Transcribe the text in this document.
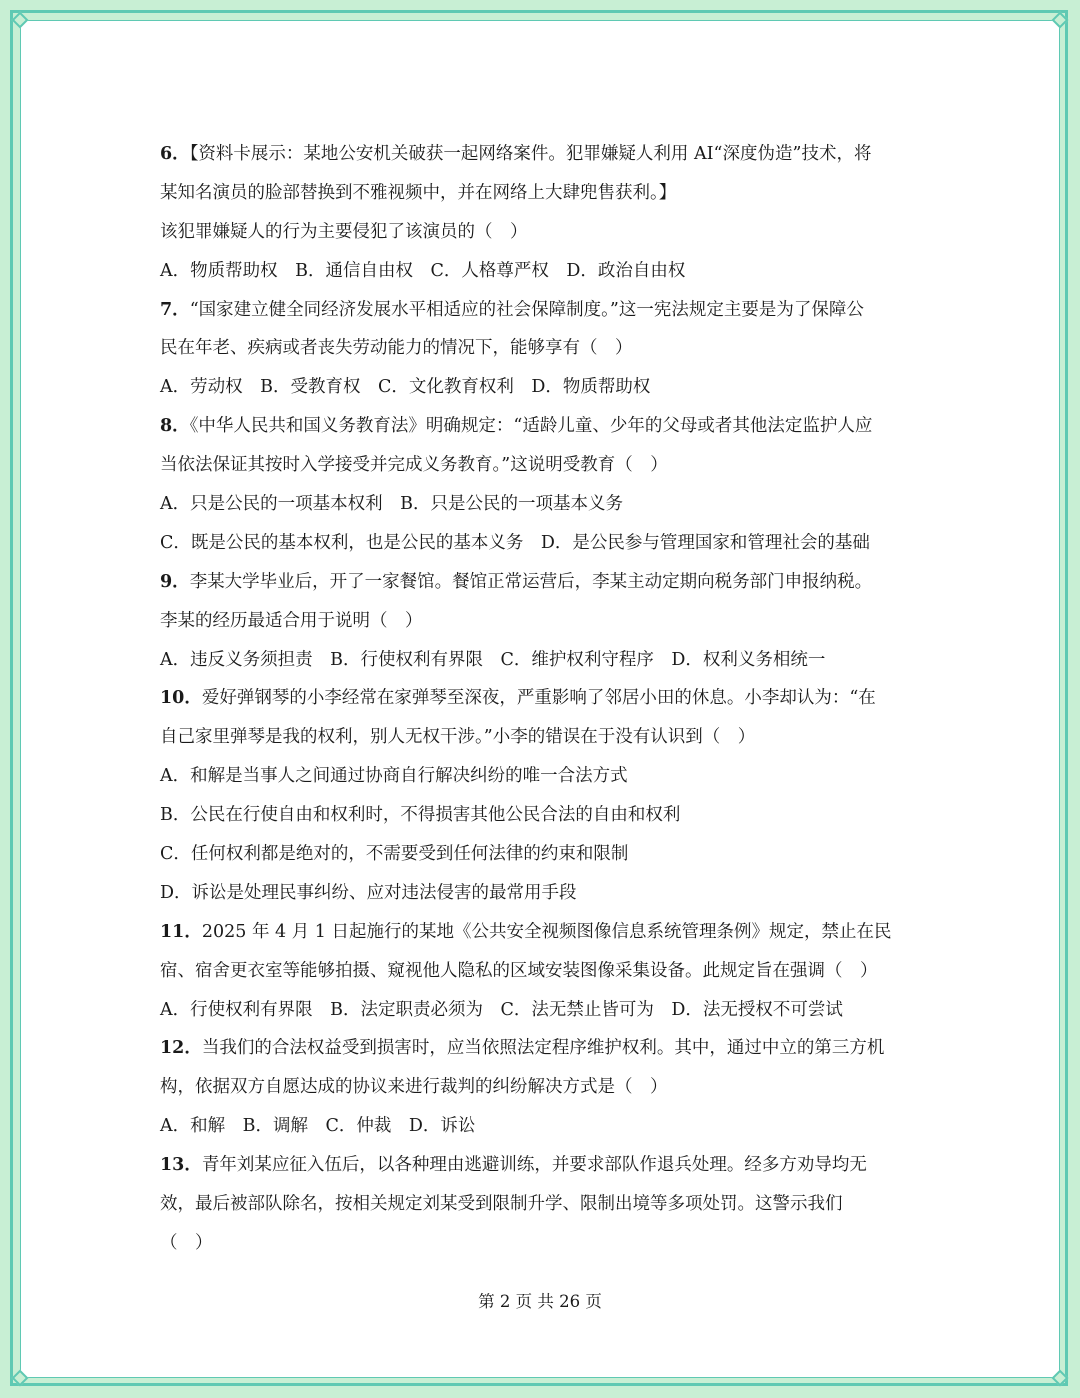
6．【资料卡展示：某地公安机关破获一起网络案件。犯罪嫌疑人利用 AI“深度伪造”技术，将
某知名演员的脸部替换到不雅视频中，并在网络上大肆兜售获利。】
该犯罪嫌疑人的行为主要侵犯了该演员的（　）
A．物质帮助权　B．通信自由权　C．人格尊严权　D．政治自由权
7．“国家建立健全同经济发展水平相适应的社会保障制度。”这一宪法规定主要是为了保障公
民在年老、疾病或者丧失劳动能力的情况下，能够享有（　）
A．劳动权　B．受教育权　C．文化教育权利　D．物质帮助权
8．《中华人民共和国义务教育法》明确规定：“适龄儿童、少年的父母或者其他法定监护人应
当依法保证其按时入学接受并完成义务教育。”这说明受教育（　）
A．只是公民的一项基本权利　B．只是公民的一项基本义务
C．既是公民的基本权利，也是公民的基本义务　D．是公民参与管理国家和管理社会的基础
9．李某大学毕业后，开了一家餐馆。餐馆正常运营后，李某主动定期向税务部门申报纳税。
李某的经历最适合用于说明（　）
A．违反义务须担责　B．行使权利有界限　C．维护权利守程序　D．权利义务相统一
10．爱好弹钢琴的小李经常在家弹琴至深夜，严重影响了邻居小田的休息。小李却认为：“在
自己家里弹琴是我的权利，别人无权干涉。”小李的错误在于没有认识到（　）
A．和解是当事人之间通过协商自行解决纠纷的唯一合法方式
B．公民在行使自由和权利时，不得损害其他公民合法的自由和权利
C．任何权利都是绝对的，不需要受到任何法律的约束和限制
D．诉讼是处理民事纠纷、应对违法侵害的最常用手段
11．2025 年 4 月 1 日起施行的某地《公共安全视频图像信息系统管理条例》规定，禁止在民
宿、宿舍更衣室等能够拍摄、窥视他人隐私的区域安装图像采集设备。此规定旨在强调（　）
A．行使权利有界限　B．法定职责必须为　C．法无禁止皆可为　D．法无授权不可尝试
12．当我们的合法权益受到损害时，应当依照法定程序维护权利。其中，通过中立的第三方机
构，依据双方自愿达成的协议来进行裁判的纠纷解决方式是（　）
A．和解　B．调解　C．仲裁　D．诉讼
13．青年刘某应征入伍后，以各种理由逃避训练，并要求部队作退兵处理。经多方劝导均无
效，最后被部队除名，按相关规定刘某受到限制升学、限制出境等多项处罚。这警示我们
（　）
第 2 页 共 26 页
